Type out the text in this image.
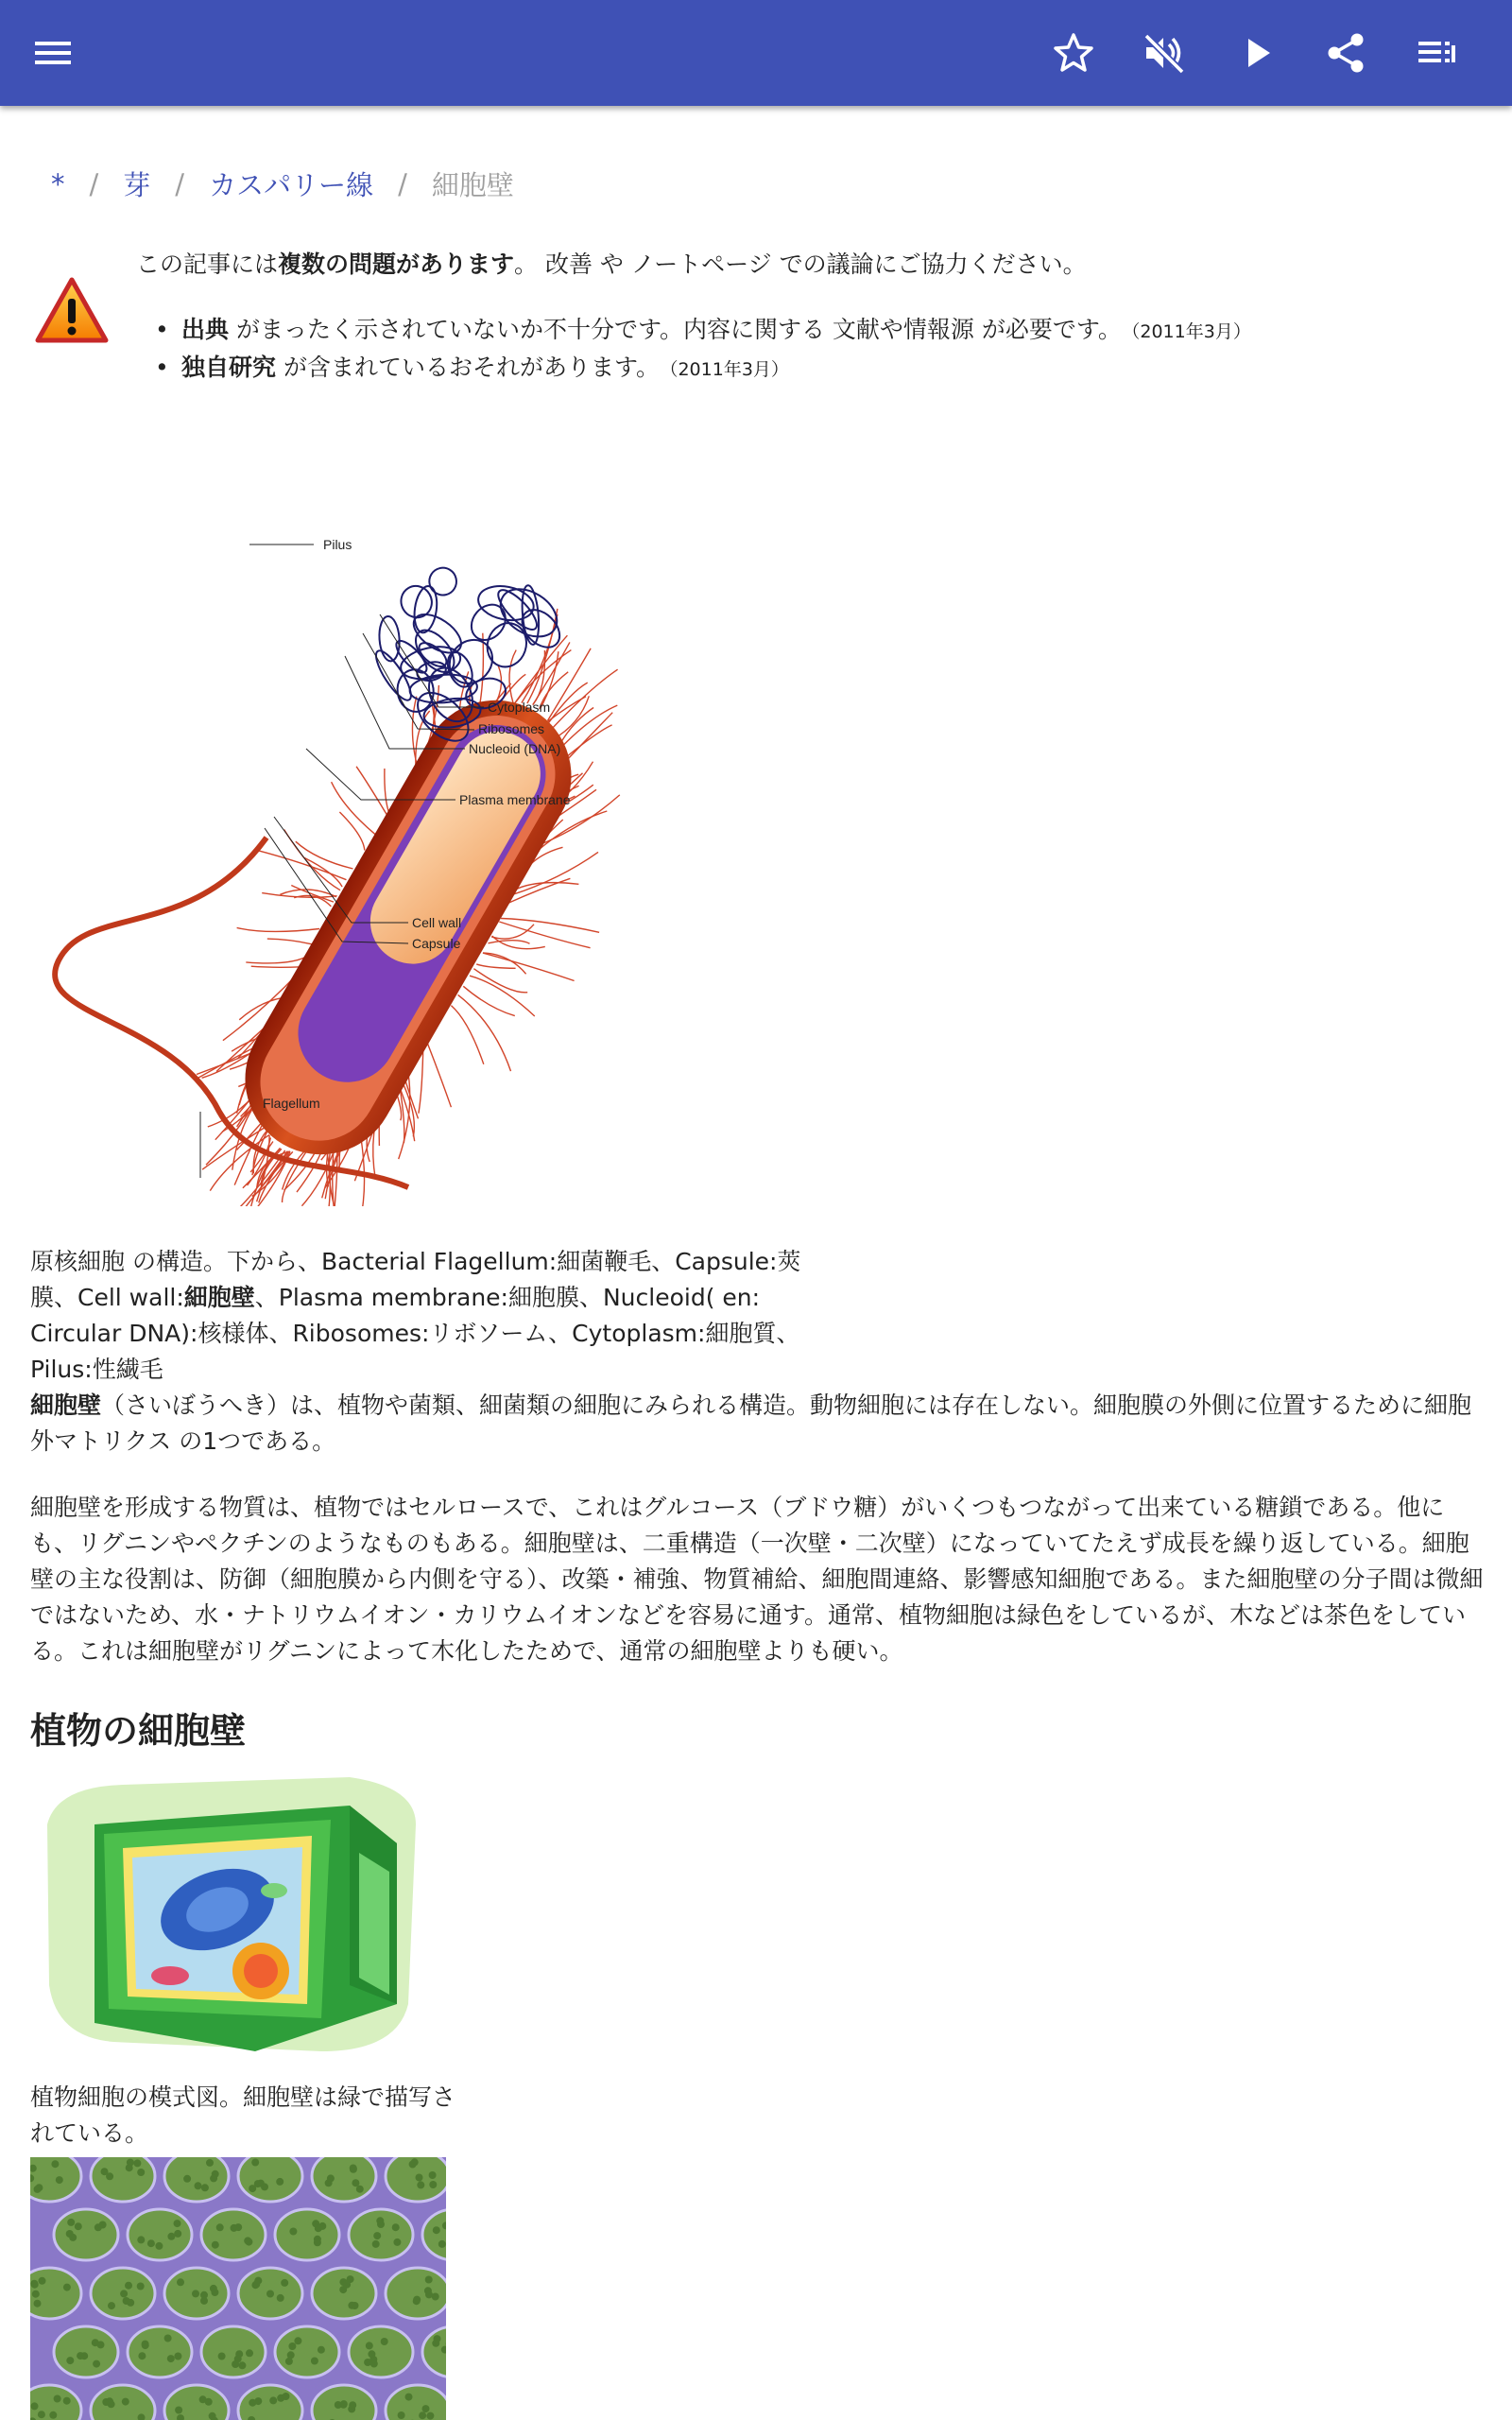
* / 芽 / カスパリー線 / 細胞壁
この記事には複数の問題があります。 改善 や ノートページ での議論にご協力ください。
• 出典 がまったく示されていないか不十分です。内容に関する 文献や情報源 が必要です。 （2011年3月）
• 独自研究 が含まれているおそれがあります。 （2011年3月）
Pilus
Cytoplasm
Ribosomes
Nucleoid (DNA)
Plasma membrane
Cell wall
Capsule
Flagellum
原核細胞 の構造。下から、Bacterial Flagellum:細菌鞭毛、Capsule:莢膜、Cell wall:細胞壁、Plasma membrane:細胞膜、Nucleoid( en: Circular DNA):核様体、Ribosomes:リボソーム、Cytoplasm:細胞質、Pilus:性繊毛
細胞壁（さいぼうへき）は、植物や菌類、細菌類の細胞にみられる構造。動物細胞には存在しない。細胞膜の外側に位置するために細胞外マトリクス の1つである。
細胞壁を形成する物質は、植物ではセルロースで、これはグルコース（ブドウ糖）がいくつもつながって出来ている糖鎖である。他にも、リグニンやペクチンのようなものもある。細胞壁は、二重構造（一次壁・二次壁）になっていてたえず成長を繰り返している。細胞壁の主な役割は、防御（細胞膜から内側を守る）、改築・補強、物質補給、細胞間連絡、影響感知細胞である。また細胞壁の分子間は微細ではないため、水・ナトリウムイオン・カリウムイオンなどを容易に通す。通常、植物細胞は緑色をしているが、木などは茶色をしている。これは細胞壁がリグニンによって木化したためで、通常の細胞壁よりも硬い。
植物の細胞壁
植物細胞の模式図。細胞壁は緑で描写されている。
